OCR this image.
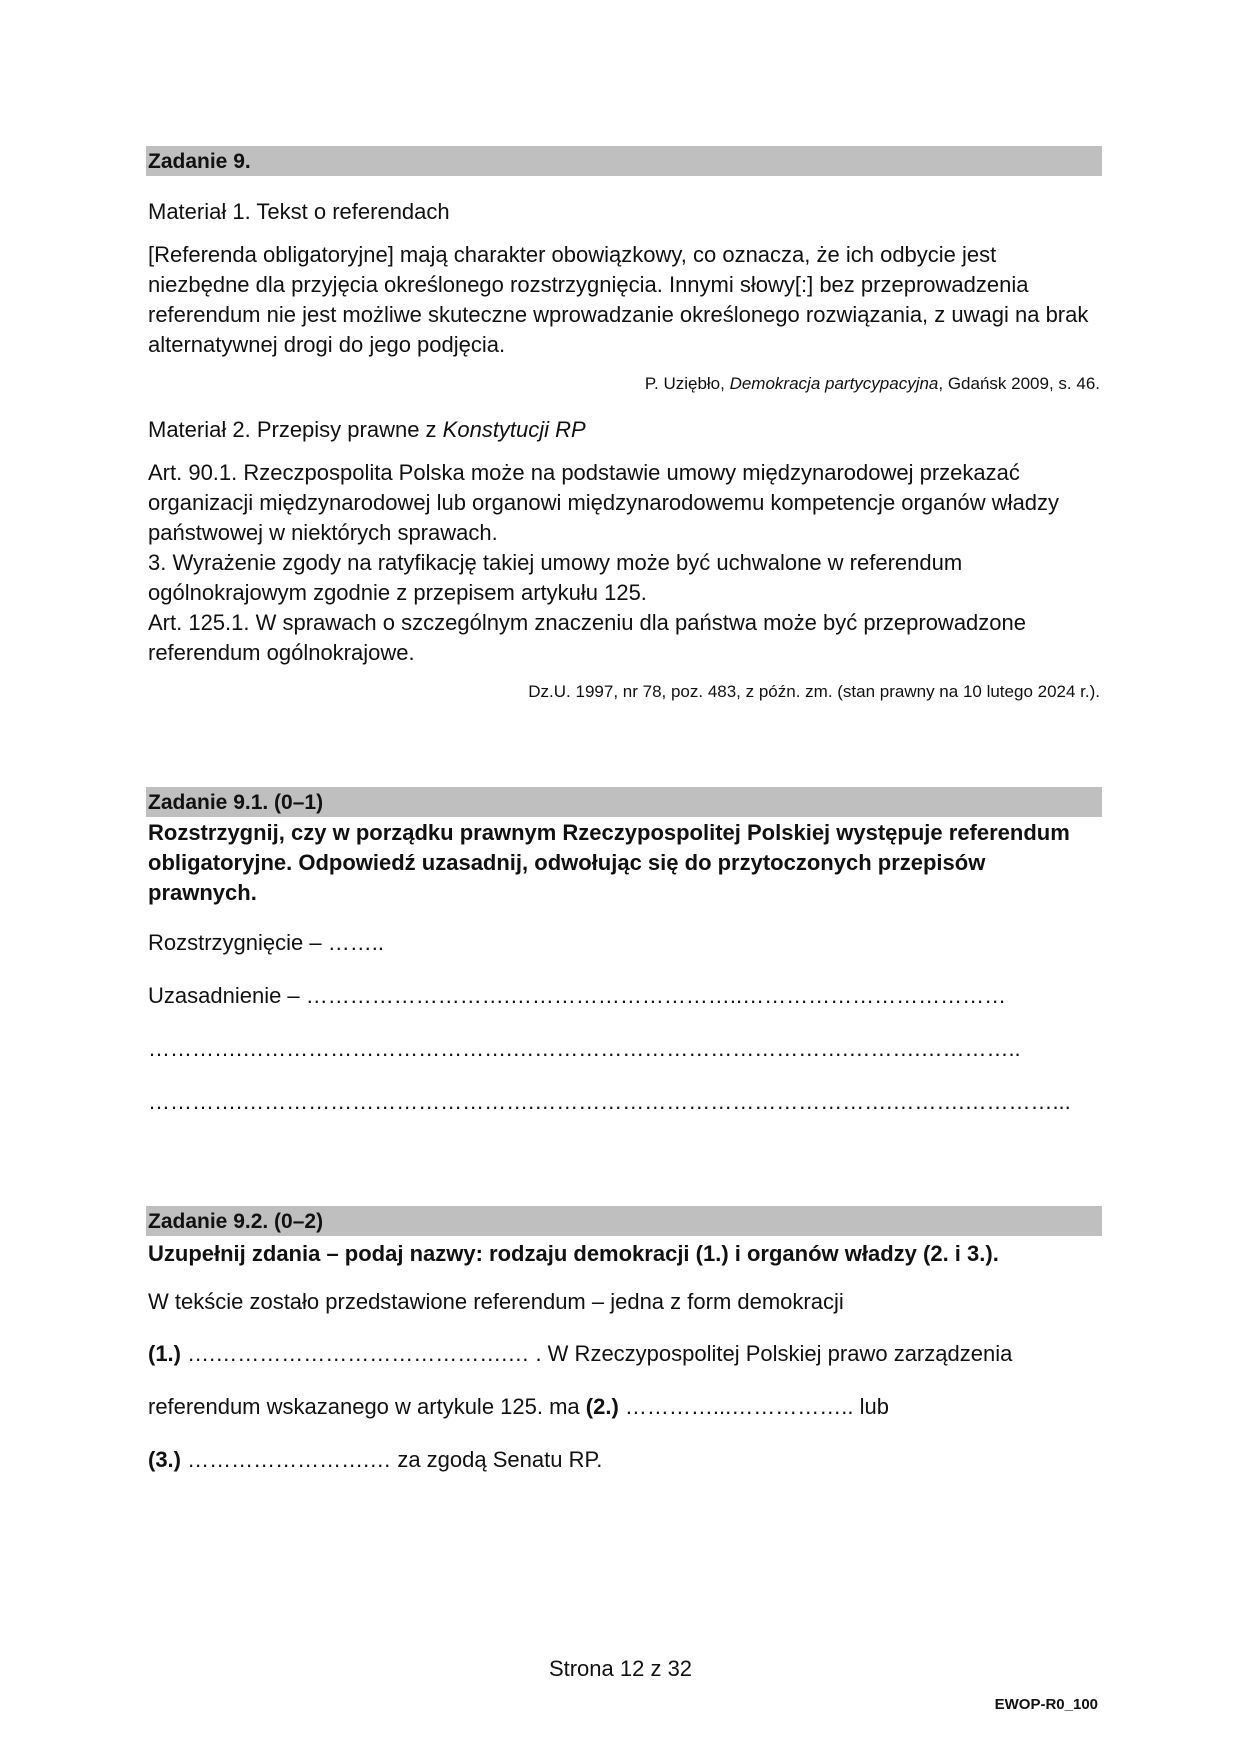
Zadanie 9.
Materiał 1. Tekst o referendach

[Referenda obligatoryjne] mają charakter obowiązkowy, co oznacza, że ich odbycie jest niezbędne dla przyjęcia określonego rozstrzygnięcia. Innymi słowy[:] bez przeprowadzenia referendum nie jest możliwe skuteczne wprowadzanie określonego rozwiązania, z uwagi na brak alternatywnej drogi do jego podjęcia.

P. Uziębło, Demokracja partycypacyjna, Gdańsk 2009, s. 46.
Materiał 2. Przepisy prawne z Konstytucji RP

Art. 90.1. Rzeczpospolita Polska może na podstawie umowy międzynarodowej przekazać organizacji międzynarodowej lub organowi międzynarodowemu kompetencje organów władzy państwowej w niektórych sprawach.

3. Wyrażenie zgody na ratyfikację takiej umowy może być uchwalone w referendum ogólnokrajowym zgodnie z przepisem artykułu 125.

Art. 125.1. W sprawach o szczególnym znaczeniu dla państwa może być przeprowadzone referendum ogólnokrajowe.

Dz.U. 1997, nr 78, poz. 483, z późn. zm. (stan prawny na 10 lutego 2024 r.).
Zadanie 9.1. (0–1)

Rozstrzygnij, czy w porządku prawnym Rzeczypospolitej Polskiej występuje referendum obligatoryjne. Odpowiedź uzasadnij, odwołując się do przytoczonych przepisów prawnych.

Rozstrzygnięcie – ……..
Uzasadnienie – ……………………….…………………………..………………………………
………….……………………………….……………………………………….……….…………..
………….………………………………….………………………………………….……….…………...
Zadanie 9.2. (0–2)
Uzupełnij zdania – podaj nazwy: rodzaju demokracji (1.) i organów władzy (2. i 3.).
W tekście zostało przedstawione referendum – jedna z form demokracji
(1.) ….………………………………….… . W Rzeczypospolitej Polskiej prawo zarządzenia
referendum wskazanego w artykule 125. ma (2.) …………...…………….. lub
(3.) …………………….… za zgodą Senatu RP.
Strona 12 z 32
EWOP-R0_100
